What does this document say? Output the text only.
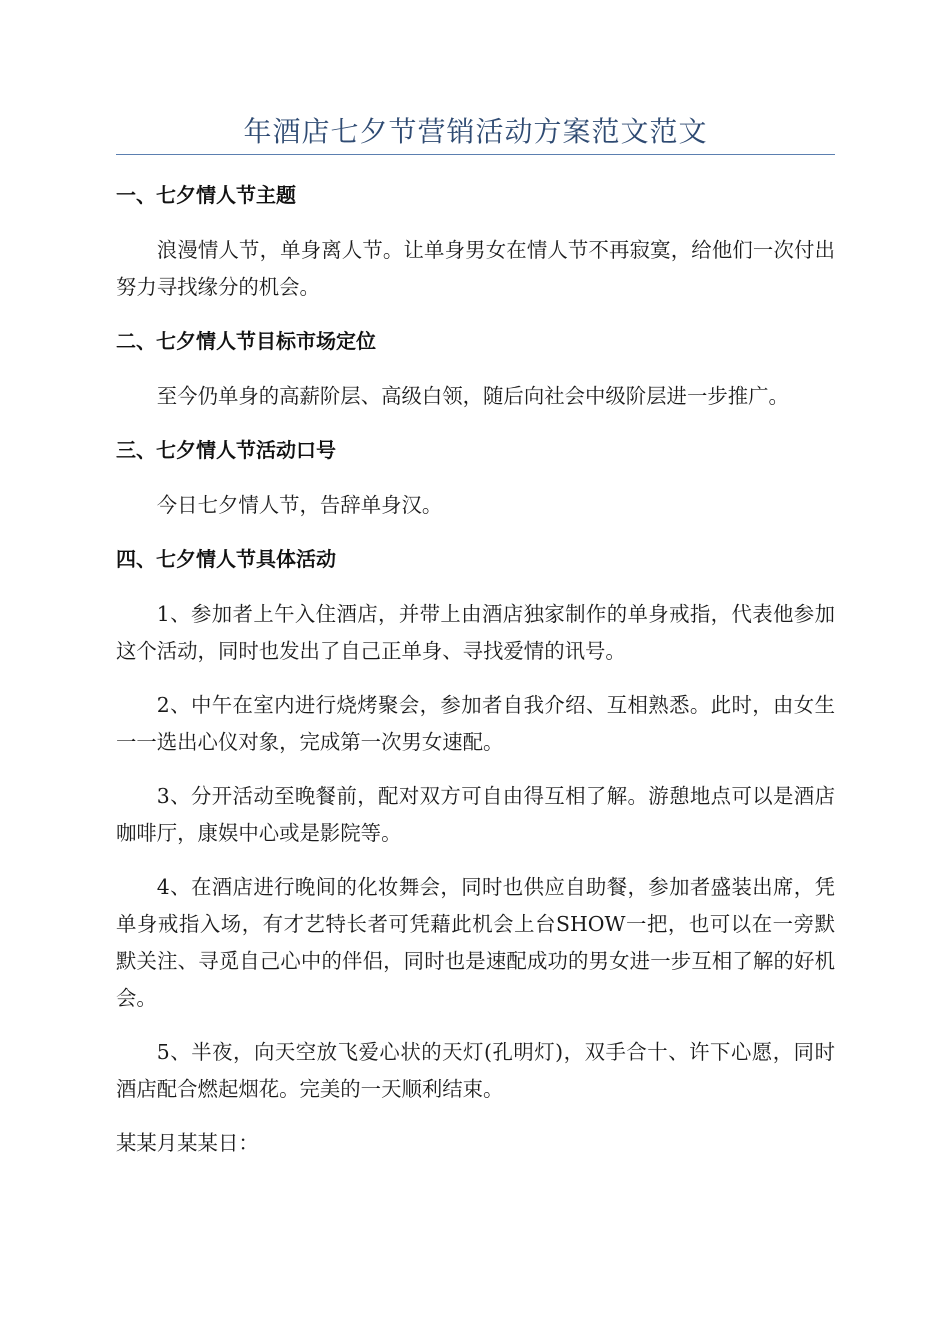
年酒店七夕节营销活动方案范文范文
一、七夕情人节主题

浪漫情人节，单身离人节。让单身男女在情人节不再寂寞，给他们一次付出努力寻找缘分的机会。

二、七夕情人节目标市场定位

至今仍单身的高薪阶层、高级白领，随后向社会中级阶层进一步推广。

三、七夕情人节活动口号

今日七夕情人节，告辞单身汉。

四、七夕情人节具体活动

1、参加者上午入住酒店，并带上由酒店独家制作的单身戒指，代表他参加这个活动，同时也发出了自己正单身、寻找爱情的讯号。

2、中午在室内进行烧烤聚会，参加者自我介绍、互相熟悉。此时，由女生一一选出心仪对象，完成第一次男女速配。

3、分开活动至晚餐前，配对双方可自由得互相了解。游憩地点可以是酒店咖啡厅，康娱中心或是影院等。

4、在酒店进行晚间的化妆舞会，同时也供应自助餐，参加者盛装出席，凭单身戒指入场，有才艺特长者可凭藉此机会上台SHOW一把，也可以在一旁默默关注、寻觅自己心中的伴侣，同时也是速配成功的男女进一步互相了解的好机会。

5、半夜，向天空放飞爱心状的天灯(孔明灯)，双手合十、许下心愿，同时酒店配合燃起烟花。完美的一天顺利结束。

某某月某某日：
